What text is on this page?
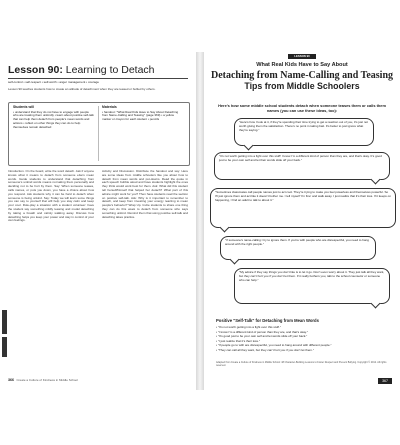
Lesson 90: Learning to Detach
self-control • self-respect • self-worth • anger management • courage
Lesson 90 teaches students how to create an attitude of detachment when they are teased or bullied by others.
Students will
• understand that they do not have to engage with people who are treating them unkindly • learn about positive self-talk that can help them detach from people's mean words and actions • reflect on other things they can do to help themselves remain detached
Materials
• handout: "What Real Kids Have to Say About Detaching from Name-Calling and Teasing" (page 369) • a yellow marker or crayon for each student • pencils
Introduction. On the board, write the word detach. Ask if anyone knows what it means to detach from someone else's mean words. Guide students to understand that detaching from someone's unkind words means not taking them personally and deciding not to be hurt by them. Say: When someone teases, calls names, or puts you down, you have a choice about how you respond. Ask students why it can be hard to detach when someone is being unkind. Say: Today we will learn some things you can say to yourself that will help you stay calm and keep your cool. Role-play a situation with a student volunteer: have the student say something mildly teasing and model detaching by taking a breath and calmly walking away. Discuss how detaching helps you keep your power and stay in control of your own feelings.
Activity and Discussion. Distribute the handout and say: Here are some ideas from middle schoolers like you about how to detach from mean words and put-downs. Read the quote in each speech bubble aloud and have students highlight the ones they think would work best for them. Ask: What did this student tell herself/himself that helped her detach? What part of this advice might work for you? Then have students read the section on positive self-talk. Ask: Why is it important to remember to detach, and keep from investing your energy reacting to mean people's behavior? Wrap Up. Invite students to share one thing they can do this week to detach from someone who says something unkind. Remind them that using positive self-talk and detaching takes practice.
366 Create a Culture of Kindness in Middle School
LESSON 90
What Real Kids Have to Say About
Detaching from Name-Calling and Teasing
Tips from Middle Schoolers
Here's how some middle school students detach when someone teases them or calls them names (you can use these ideas, too):
"Here's how I look at it, if they're spending their time trying to get a reaction out of you, it's just not worth giving them the satisfaction. There's no point in taking bait. It's better to just ignore what they're saying."
"It's not worth getting into a fight over this stuff! I know I'm a different kind of person than they are, and that's okay. It's good just to be your own self and let their words slide off your back."
"Sometimes classmates call people names just to act cool. They're trying to make you feel powerless and themselves powerful. So I'll just ignore them and act like it doesn't bother me. I tell myself 'I'm fine' and walk away. I just realize that it's their loss. If it keeps on happening, I find an adult to talk to about it."
"If someone's name-calling I try to ignore them. If you're with people who are disrespectful, you need to hang around with the right people."
"My advice if they say things you don't like is to let it go. Don't even worry about it. They just talk all they want, but they can't hurt you if you don't let them. If it really bothers you, talk to the school counselor or someone who can help."
Positive "Self-Talk" for Detaching from Mean Words
• "It's not worth getting into a fight over this stuff."
• "I know I'm a different kind of person than they are, and that's okay."
• "It's good just to be your own self and let words slide off your back."
• "I just realize that it's their loss."
• "If people go to with are disrespectful, you need to hang around with different people."
• "They can call all they want, but they can't hurt you if you don't let them."
Adapted from Create a Culture of Kindness in Middle School: 48 Character-Building Lessons to Foster Respect and Prevent Bullying. Copyright © 2012. All rights reserved.
367
